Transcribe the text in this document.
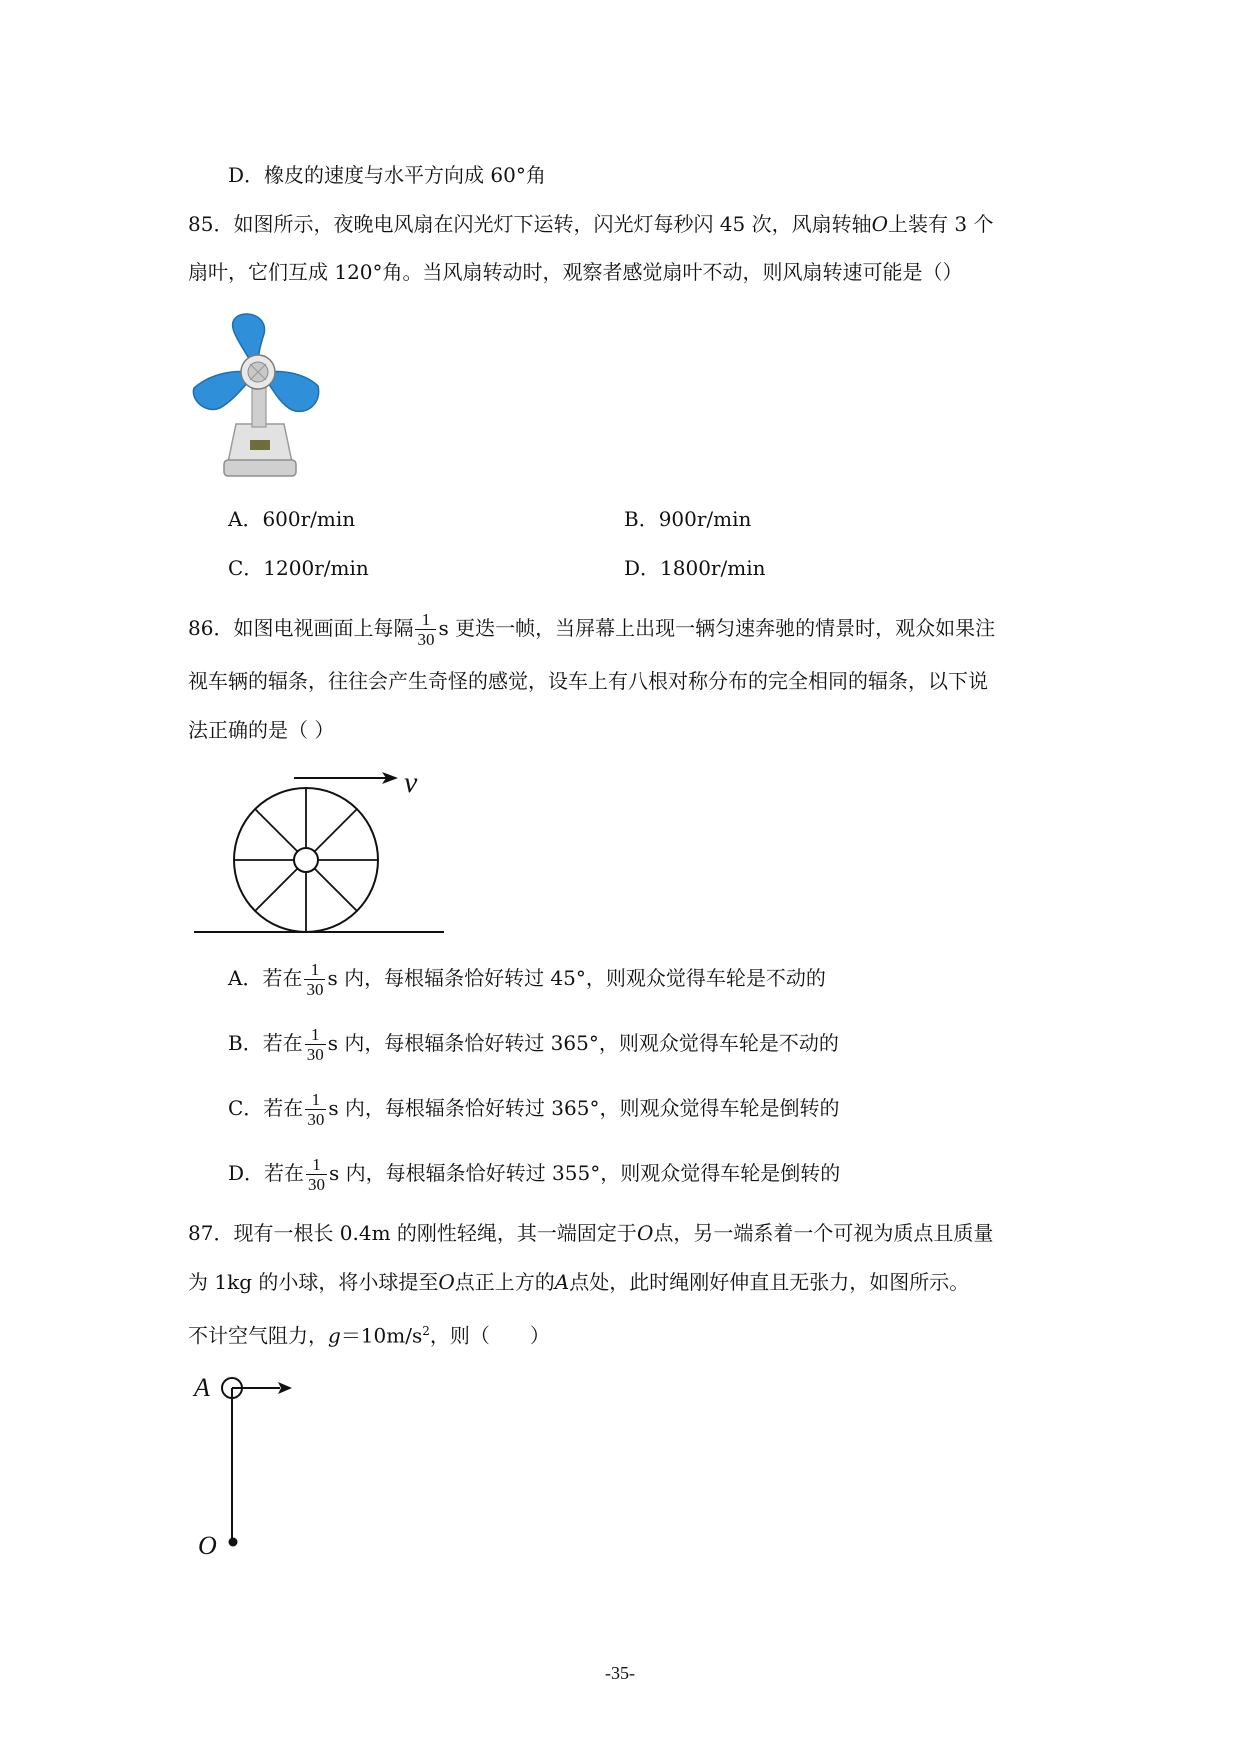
D．橡皮的速度与水平方向成 60°角
85．如图所示，夜晚电风扇在闪光灯下运转，闪光灯每秒闪 45 次，风扇转轴O上装有 3 个
扇叶，它们互成 120°角。当风扇转动时，观察者感觉扇叶不动，则风扇转速可能是（）
A．600r/min	B．900r/min
C．1200r/min	D．1800r/min
86．如图电视画面上每隔 $\frac{1}{30}$ s 更迭一帧，当屏幕上出现一辆匀速奔驰的情景时，观众如果注
视车辆的辐条，往往会产生奇怪的感觉，设车上有八根对称分布的完全相同的辐条，以下说
法正确的是（ ）
v
A．若在 $\frac{1}{30}$ s 内，每根辐条恰好转过 45°，则观众觉得车轮是不动的
B．若在 $\frac{1}{30}$ s 内，每根辐条恰好转过 365°，则观众觉得车轮是不动的
C．若在 $\frac{1}{30}$ s 内，每根辐条恰好转过 365°，则观众觉得车轮是倒转的
D．若在 $\frac{1}{30}$ s 内，每根辐条恰好转过 355°，则观众觉得车轮是倒转的
87．现有一根长 0.4m 的刚性轻绳，其一端固定于O点，另一端系着一个可视为质点且质量
为 1kg 的小球，将小球提至O点正上方的A点处，此时绳刚好伸直且无张力，如图所示。
不计空气阻力，$g=10m/s^2$，则（　　）
A
O
-35-
